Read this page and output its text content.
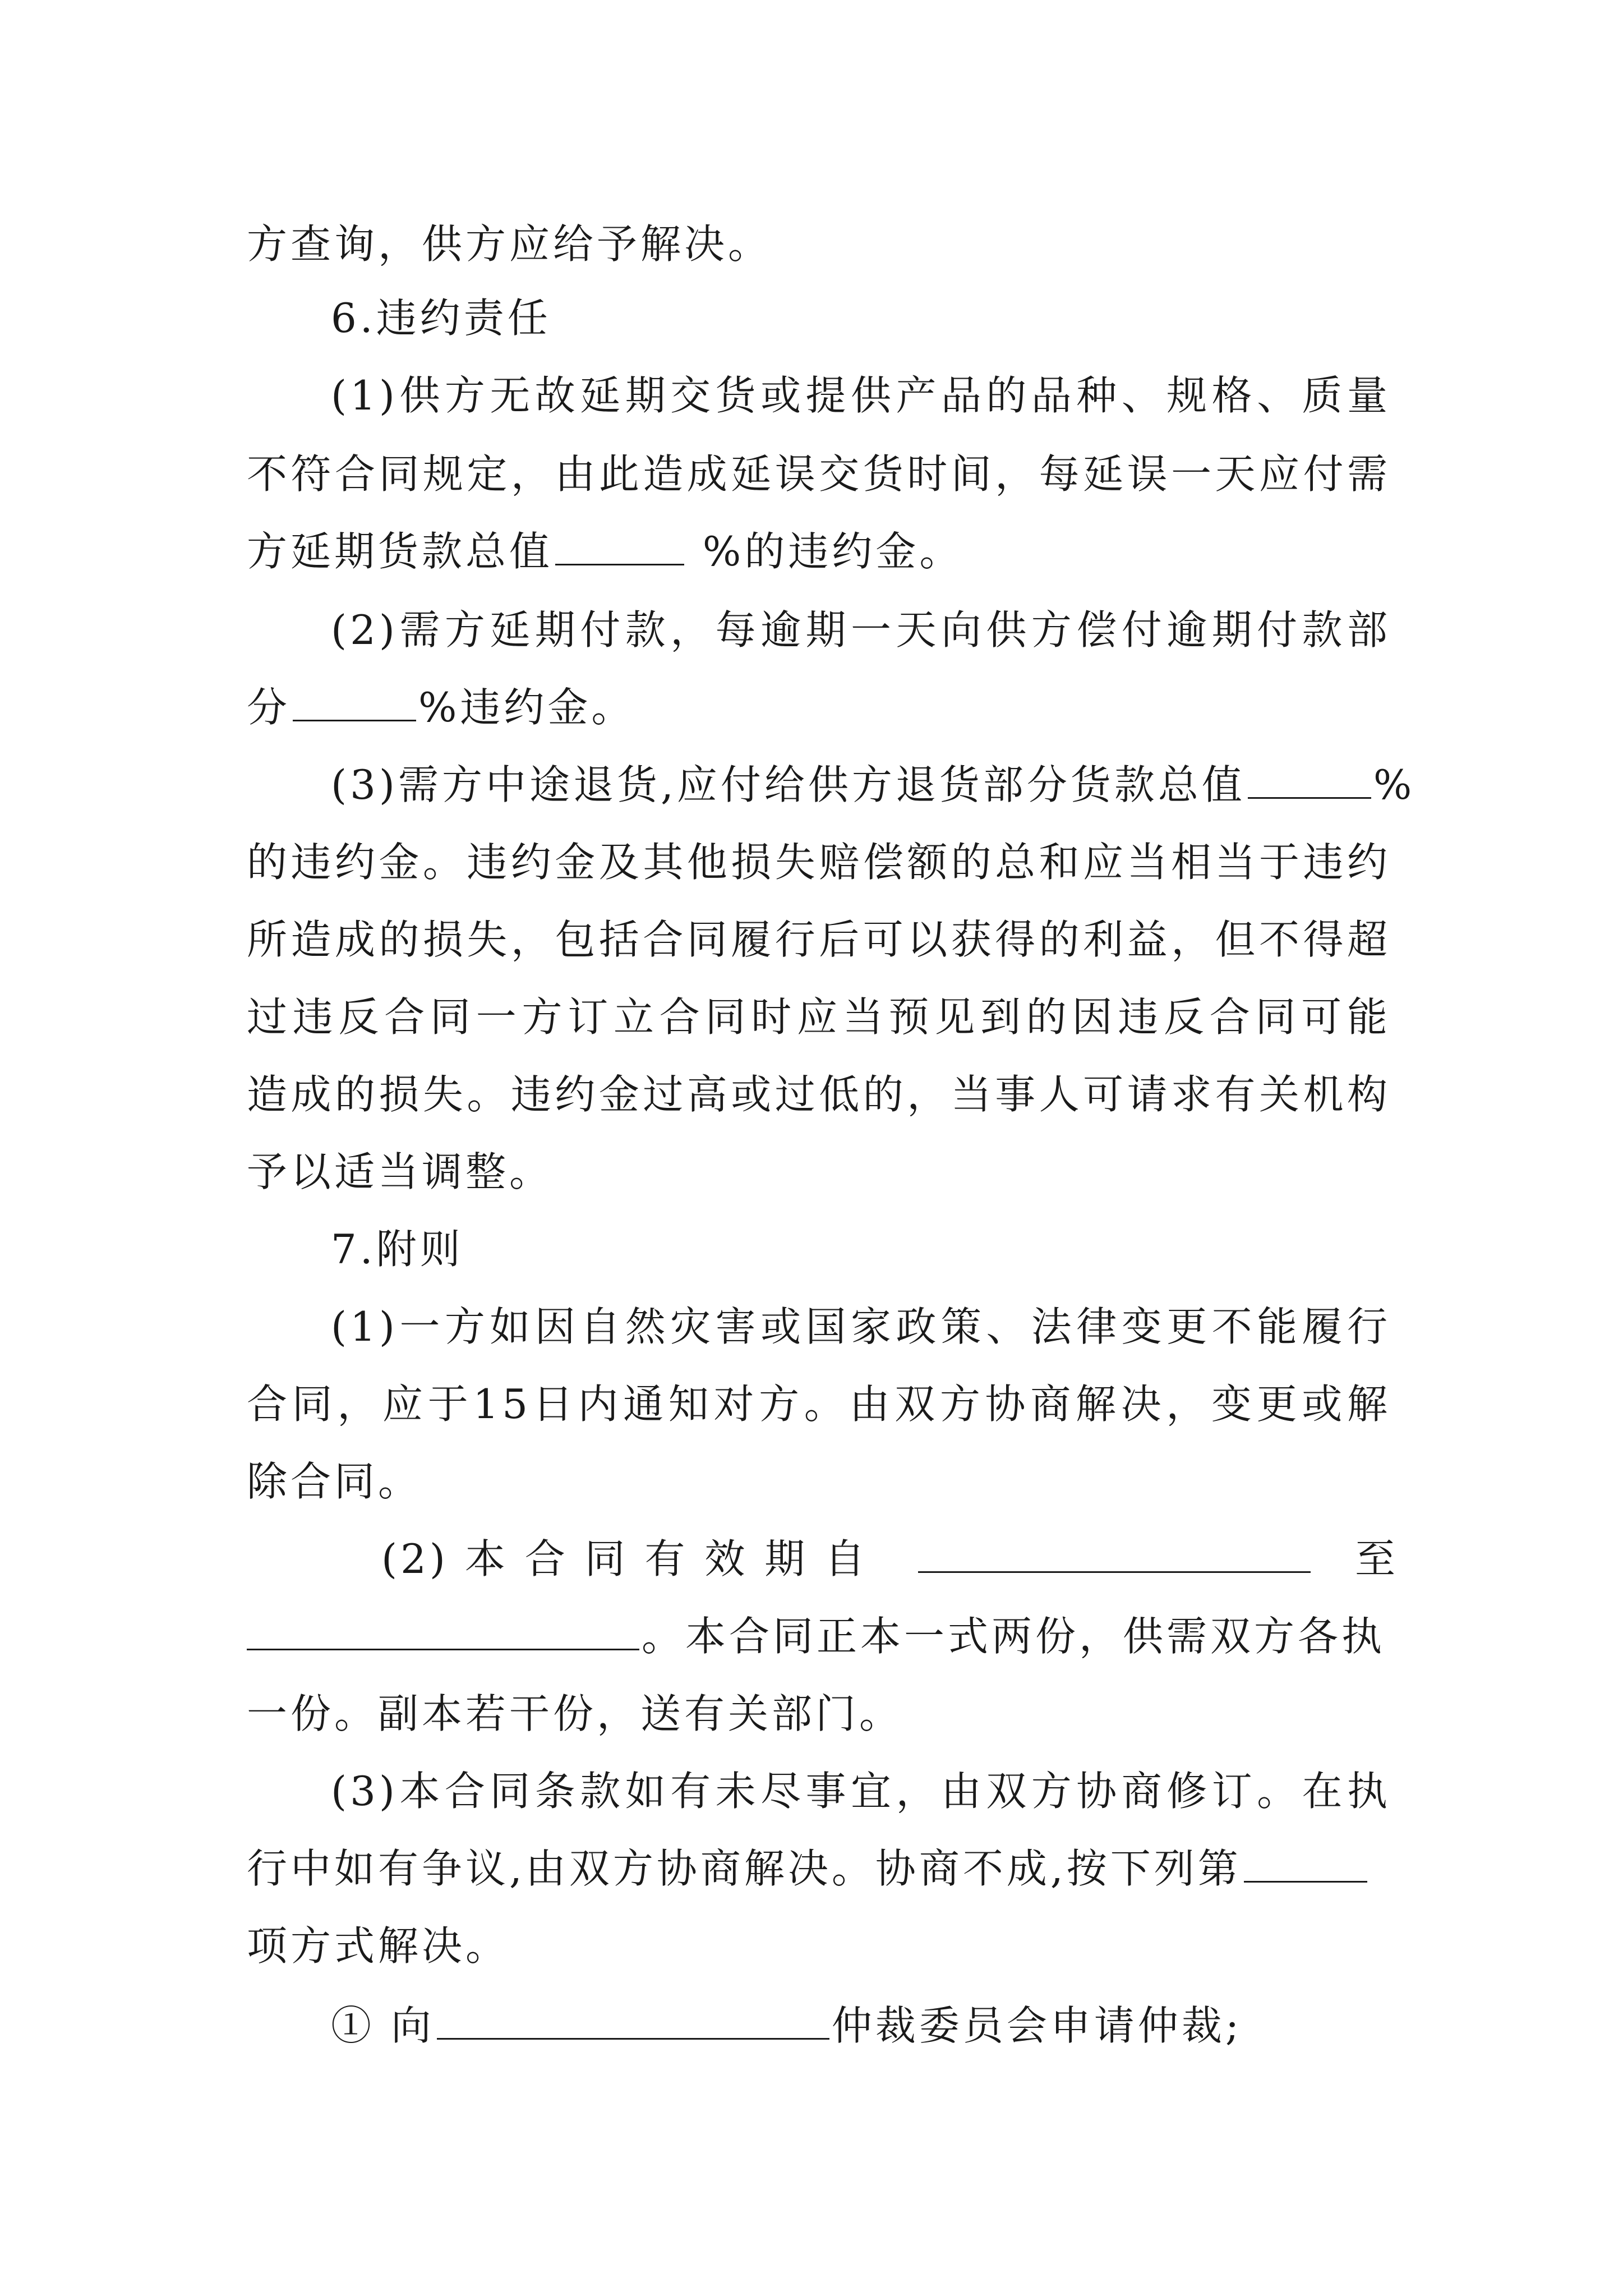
方查询，供方应给予解决。
6.违约责任
(1)供方无故延期交货或提供产品的品种、规格、质量
不符合同规定，由此造成延误交货时间，每延误一天应付需
方延期货款总值	%的违约金。
(2)需方延期付款，每逾期一天向供方偿付逾期付款部
分	%违约金。
(3)需方中途退货,应付给供方退货部分货款总值	%
的违约金。违约金及其他损失赔偿额的总和应当相当于违约
所造成的损失，包括合同履行后可以获得的利益，但不得超
过违反合同一方订立合同时应当预见到的因违反合同可能
造成的损失。违约金过高或过低的，当事人可请求有关机构
予以适当调整。
7.附则
(1)一方如因自然灾害或国家政策、法律变更不能履行
合同，应于15日内通知对方。由双方协商解决，变更或解
除合同。
(2) 本 合 同 有 效 期 自	至
。本合同正本一式两份，供需双方各执
一份。副本若干份，送有关部门。
(3)本合同条款如有未尽事宜，由双方协商修订。在执
行中如有争议,由双方协商解决。协商不成,按下列第
项方式解决。
① 向	仲裁委员会申请仲裁;
